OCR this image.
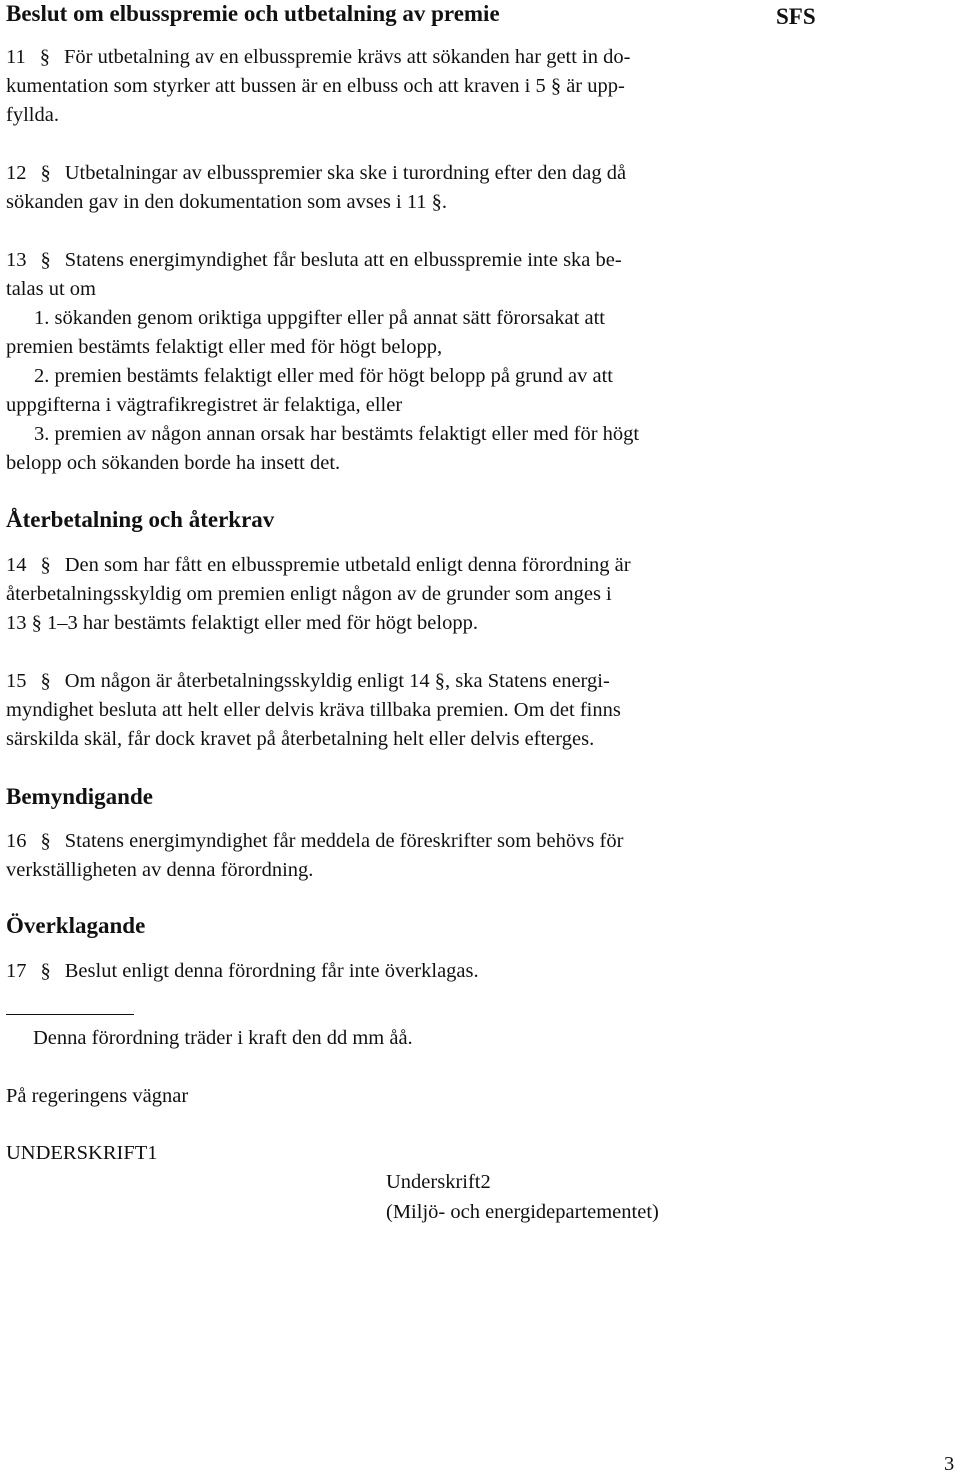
Beslut om elbusspremie och utbetalning av premie	SFS
11 § För utbetalning av en elbusspremie krävs att sökanden har gett in do-
kumentation som styrker att bussen är en elbuss och att kraven i 5 § är upp-
fyllda.
12 § Utbetalningar av elbusspremier ska ske i turordning efter den dag då
sökanden gav in den dokumentation som avses i 11 §.
13 § Statens energimyndighet får besluta att en elbusspremie inte ska be-
talas ut om
1. sökanden genom oriktiga uppgifter eller på annat sätt förorsakat att
premien bestämts felaktigt eller med för högt belopp,
2. premien bestämts felaktigt eller med för högt belopp på grund av att
uppgifterna i vägtrafikregistret är felaktiga, eller
3. premien av någon annan orsak har bestämts felaktigt eller med för högt
belopp och sökanden borde ha insett det.
Återbetalning och återkrav
14 § Den som har fått en elbusspremie utbetald enligt denna förordning är
återbetalningsskyldig om premien enligt någon av de grunder som anges i
13 § 1–3 har bestämts felaktigt eller med för högt belopp.
15 § Om någon är återbetalningsskyldig enligt 14 §, ska Statens energi-
myndighet besluta att helt eller delvis kräva tillbaka premien. Om det finns
särskilda skäl, får dock kravet på återbetalning helt eller delvis efterges.
Bemyndigande
16 § Statens energimyndighet får meddela de föreskrifter som behövs för
verkställigheten av denna förordning.
Överklagande
17 § Beslut enligt denna förordning får inte överklagas.
Denna förordning träder i kraft den dd mm åå.
På regeringens vägnar
UNDERSKRIFT1
Underskrift2
(Miljö- och energidepartementet)
3
